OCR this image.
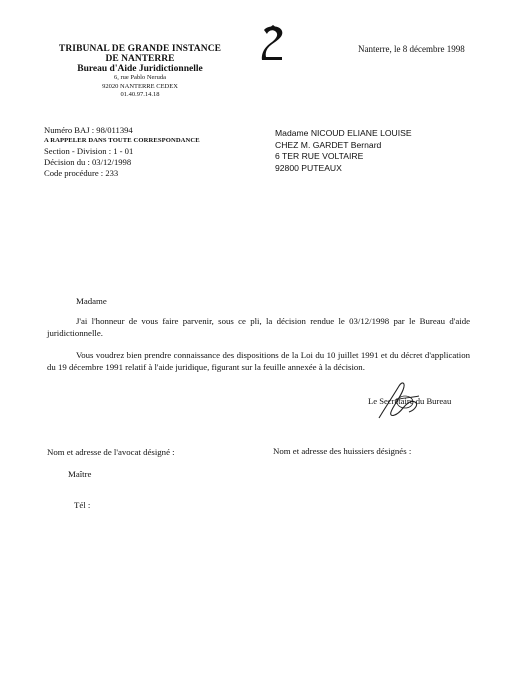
TRIBUNAL DE GRANDE INSTANCE
DE NANTERRE
Bureau d'Aide Juridictionnelle
6, rue Pablo Neruda
92020 NANTERRE CEDEX
01.40.97.14.18
Nanterre, le 8 décembre 1998
Numéro BAJ : 98/011394
A RAPPELER DANS TOUTE CORRESPONDANCE
Section - Division : 1 - 01
Décision du : 03/12/1998
Code procédure : 233
Madame NICOUD ELIANE LOUISE
CHEZ M. GARDET Bernard
6 TER RUE VOLTAIRE
92800 PUTEAUX
Madame
J'ai l'honneur de vous faire parvenir, sous ce pli, la décision rendue le 03/12/1998 par le Bureau d'aide juridictionnelle.
Vous voudrez bien prendre connaissance des dispositions de la Loi du 10 juillet 1991 et du décret d'application du 19 décembre 1991 relatif à l'aide juridique, figurant sur la feuille annexée à la décision.
Le Secrétaire du Bureau
Nom et adresse de l'avocat désigné :	Nom et adresse des huissiers désignés :
Maître
Tél :
